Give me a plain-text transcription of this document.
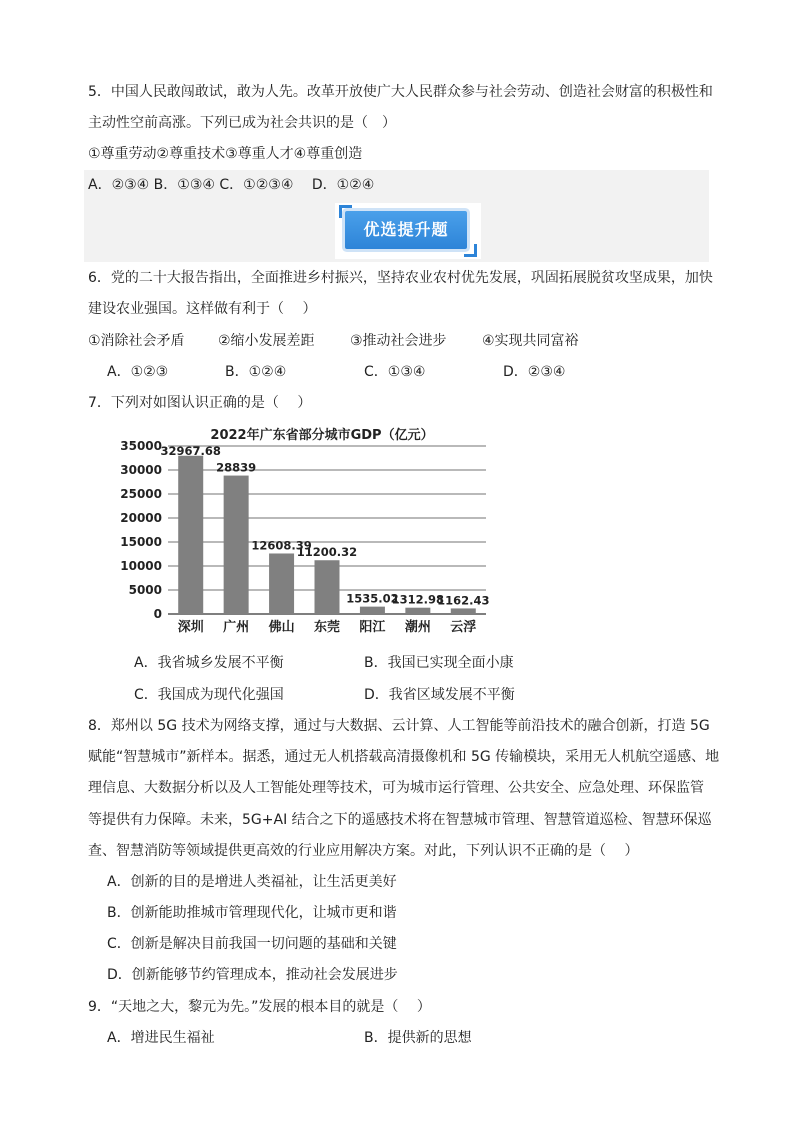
5．中国人民敢闯敢试，敢为人先。改革开放使广大人民群众参与社会劳动、创造社会财富的积极性和
主动性空前高涨。下列已成为社会共识的是（　）
①尊重劳动②尊重技术③尊重人才④尊重创造
A．②③④ B．①③④ C．①②③④　 D．①②④
优选提升题
6．党的二十大报告指出，全面推进乡村振兴，坚持农业农村优先发展，巩固拓展脱贫攻坚成果，加快
建设农业强国。这样做有利于（　 ）
①消除社会矛盾 ②缩小发展差距	③推动社会进步	④实现共同富裕
A．①②③	B．①②④	C．①③④	D．②③④
7．下列对如图认识正确的是（　 ）
2022年广东省部分城市GDP（亿元）
0
5000
10000
15000
20000
25000
30000
35000
32967.68
28839
12608.39
11200.32
1535.02
1312.98
1162.43
深圳 广州 佛山 东莞 阳江 潮州 云浮
A．我省城乡发展不平衡	B．我国已实现全面小康
C．我国成为现代化强国	D．我省区域发展不平衡
8．郑州以 5G 技术为网络支撑，通过与大数据、云计算、人工智能等前沿技术的融合创新，打造 5G
赋能“智慧城市”新样本。据悉，通过无人机搭载高清摄像机和 5G 传输模块，采用无人机航空遥感、地
理信息、大数据分析以及人工智能处理等技术，可为城市运行管理、公共安全、应急处理、环保监管
等提供有力保障。未来，5G+AI 结合之下的遥感技术将在智慧城市管理、智慧管道巡检、智慧环保巡
查、智慧消防等领域提供更高效的行业应用解决方案。对此，下列认识不正确的是（　 ）
A．创新的目的是增进人类福祉，让生活更美好
B．创新能助推城市管理现代化，让城市更和谐
C．创新是解决目前我国一切问题的基础和关键
D．创新能够节约管理成本，推动社会发展进步
9．“天地之大，黎元为先。”发展的根本目的就是（　 ）
A．增进民生福祉	B．提供新的思想
